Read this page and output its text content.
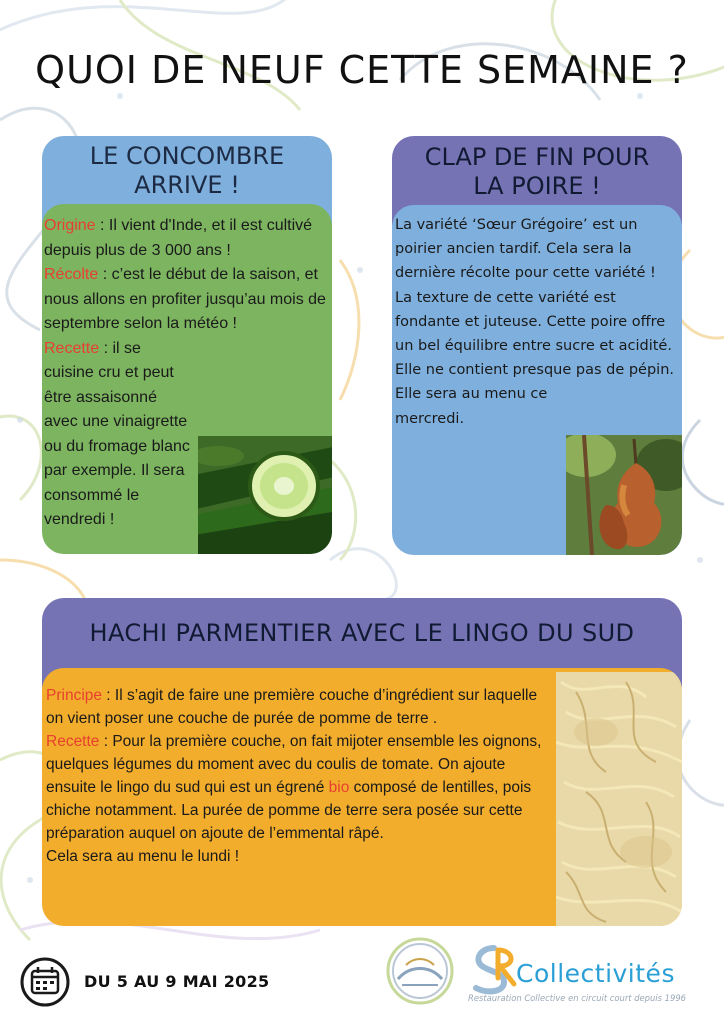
QUOI DE NEUF CETTE SEMAINE ?
LE CONCOMBRE
ARRIVE !

Origine : Il vient d'Inde, et il est cultivé depuis plus de 3 000 ans !

Récolte : c’est le début de la saison, et nous allons en profiter jusqu’au mois de septembre selon la météo !

Recette : il se cuisine cru et peut être assaisonné avec une vinaigrette ou du fromage blanc par exemple. Il sera consommé le vendredi !

CLAP DE FIN POUR
LA POIRE !

La variété ‘Sœur Grégoire’ est un poirier ancien tardif. Cela sera la dernière récolte pour cette variété !

La texture de cette variété est fondante et juteuse. Cette poire offre un bel équilibre entre sucre et acidité. Elle ne contient presque pas de pépin.

Elle sera au menu ce mercredi.

HACHI PARMENTIER AVEC LE LINGO DU SUD

Principe : Il s’agit de faire une première couche d’ingrédient sur laquelle on vient poser une couche de purée de pomme de terre .

Recette : Pour la première couche, on fait mijoter ensemble les oignons, quelques légumes du moment avec du coulis de tomate. On ajoute ensuite le lingo du sud qui est un égrené bio composé de lentilles, pois chiche notamment. La purée de pomme de terre sera posée sur cette préparation auquel on ajoute de l’emmental râpé.

Cela sera au menu le lundi !

DU 5 AU 9 MAI 2025	Collectivités
Restauration Collective en circuit court depuis 1996
